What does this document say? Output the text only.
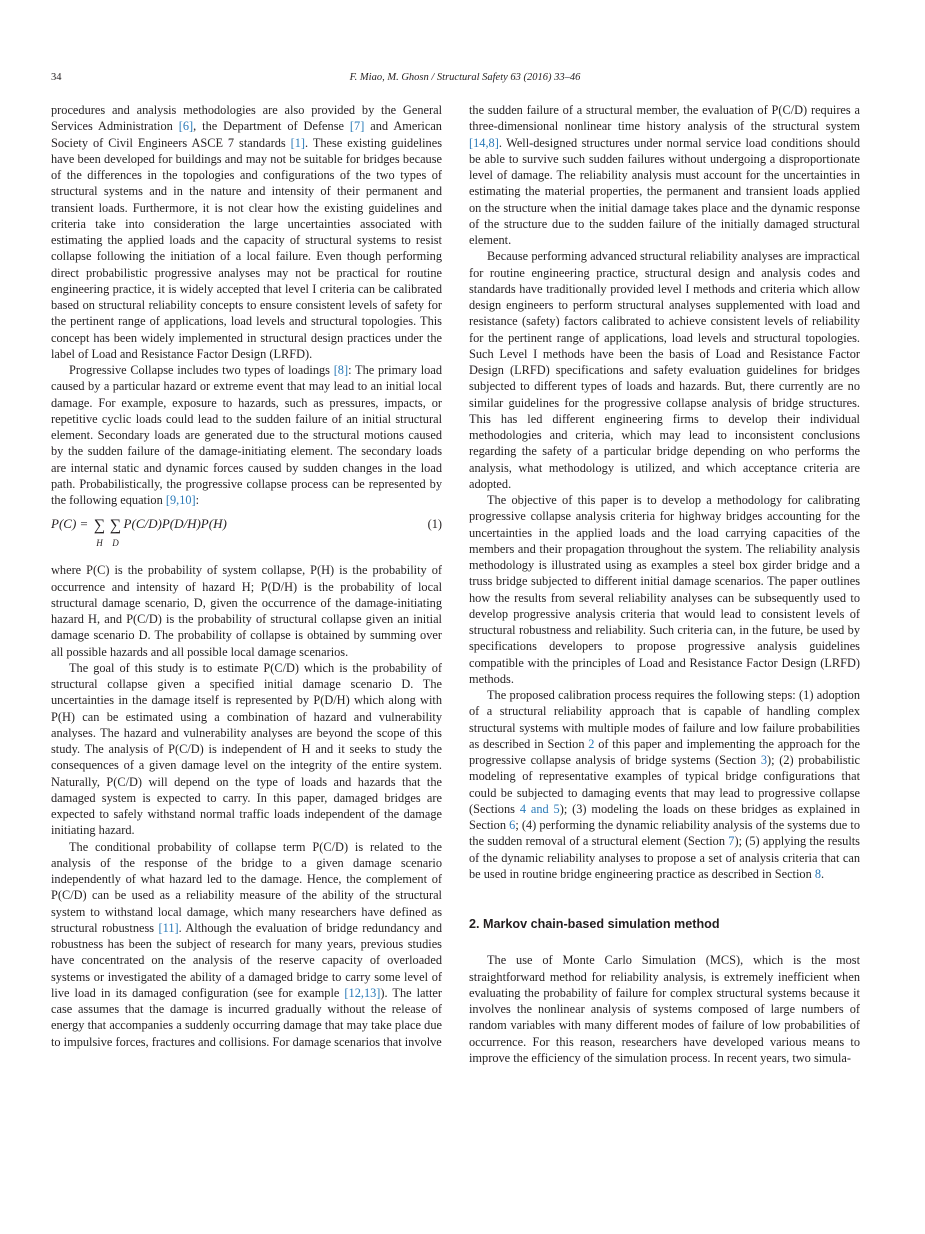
34	F. Miao, M. Ghosn / Structural Safety 63 (2016) 33–46

procedures and analysis methodologies are also provided by the General Services Administration [6], the Department of Defense [7] and American Society of Civil Engineers ASCE 7 standards [1]. These existing guidelines have been developed for buildings and may not be suitable for bridges because of the differences in the topologies and configurations of the two types of structural systems and in the nature and intensity of their permanent and transient loads. Furthermore, it is not clear how the existing guidelines and criteria take into consideration the large uncertainties associated with estimating the applied loads and the capacity of structural systems to resist collapse following the initiation of a local failure. Even though performing direct probabilistic progressive analyses may not be practical for routine engineering practice, it is widely accepted that level I criteria can be calibrated based on structural reliability concepts to ensure consistent levels of safety for the pertinent range of applications, load levels and structural topologies. This concept has been widely implemented in structural design practices under the label of Load and Resistance Factor Design (LRFD).

Progressive Collapse includes two types of loadings [8]: The primary load caused by a particular hazard or extreme event that may lead to an initial local damage. For example, exposure to hazards, such as pressures, impacts, or repetitive cyclic loads could lead to the sudden failure of an initial structural element. Secondary loads are generated due to the structural motions caused by the sudden failure of the damage-initiating element. The secondary loads are internal static and dynamic forces caused by sudden changes in the load path. Probabilistically, the progressive collapse process can be represented by the following equation [9,10]:

P(C) = ∑
H
∑
D
P(C/D)P(D/H)P(H)	(1)

where P(C) is the probability of system collapse, P(H) is the probability of occurrence and intensity of hazard H; P(D/H) is the probability of local structural damage scenario, D, given the occurrence of the damage-initiating hazard H, and P(C/D) is the probability of structural collapse given an initial damage scenario D. The probability of collapse is obtained by summing over all possible hazards and all possible local damage scenarios.

The goal of this study is to estimate P(C/D) which is the probability of structural collapse given a specified initial damage scenario D. The uncertainties in the damage itself is represented by P(D/H) which along with P(H) can be estimated using a combination of hazard and vulnerability analyses. The hazard and vulnerability analyses are beyond the scope of this study. The analysis of P(C/D) is independent of H and it seeks to study the consequences of a given damage level on the integrity of the entire system. Naturally, P(C/D) will depend on the type of loads and hazards that the damaged system is expected to carry. In this paper, damaged bridges are expected to safely withstand normal traffic loads independent of the damage initiating hazard.

The conditional probability of collapse term P(C/D) is related to the analysis of the response of the bridge to a given damage scenario independently of what hazard led to the damage. Hence, the complement of P(C/D) can be used as a reliability measure of the ability of the structural system to withstand local damage, which many researchers have defined as structural robustness [11]. Although the evaluation of bridge redundancy and robustness has been the subject of research for many years, previous studies have concentrated on the analysis of the reserve capacity of overloaded systems or investigated the ability of a damaged bridge to carry some level of live load in its damaged configuration (see for example [12,13]). The latter case assumes that the damage is incurred gradually without the release of energy that accompanies a suddenly occurring damage that may take place due to impulsive forces, fractures and collisions. For damage scenarios that involve

the sudden failure of a structural member, the evaluation of P(C/D) requires a three-dimensional nonlinear time history analysis of the structural system [14,8]. Well-designed structures under normal service load conditions should be able to survive such sudden failures without undergoing a disproportionate level of damage. The reliability analysis must account for the uncertainties in estimating the material properties, the permanent and transient loads applied on the structure when the initial damage takes place and the dynamic response of the structure due to the sudden failure of the initially damaged structural element.

Because performing advanced structural reliability analyses are impractical for routine engineering practice, structural design and analysis codes and standards have traditionally provided level I methods and criteria which allow design engineers to perform structural analyses supplemented with load and resistance (safety) factors calibrated to achieve consistent levels of reliability for the pertinent range of applications, load levels and structural topologies. Such Level I methods have been the basis of Load and Resistance Factor Design (LRFD) specifications and safety evaluation guidelines for bridges subjected to different types of loads and hazards. But, there currently are no similar guidelines for the progressive collapse analysis of bridge structures. This has led different engineering firms to develop their individual methodologies and criteria, which may lead to inconsistent conclusions regarding the safety of a particular bridge depending on who performs the analysis, what methodology is utilized, and which acceptance criteria are adopted.

The objective of this paper is to develop a methodology for calibrating progressive collapse analysis criteria for highway bridges accounting for the uncertainties in the applied loads and the load carrying capacities of the members and their propagation throughout the system. The reliability analysis methodology is illustrated using as examples a steel box girder bridge and a truss bridge subjected to different initial damage scenarios. The paper outlines how the results from several reliability analyses can be subsequently used to develop progressive analysis criteria that would lead to consistent levels of structural robustness and reliability. Such criteria can, in the future, be used by specifications developers to propose progressive analysis guidelines compatible with the principles of Load and Resistance Factor Design (LRFD) methods.

The proposed calibration process requires the following steps: (1) adoption of a structural reliability approach that is capable of handling complex structural systems with multiple modes of failure and low failure probabilities as described in Section 2 of this paper and implementing the approach for the progressive collapse analysis of bridge systems (Section 3); (2) probabilistic modeling of representative examples of typical bridge configurations that could be subjected to damaging events that may lead to progressive collapse (Sections 4 and 5); (3) modeling the loads on these bridges as explained in Section 6; (4) performing the dynamic reliability analysis of the systems due to the sudden removal of a structural element (Section 7); (5) applying the results of the dynamic reliability analyses to propose a set of analysis criteria that can be used in routine bridge engineering practice as described in Section 8.

2. Markov chain-based simulation method

The use of Monte Carlo Simulation (MCS), which is the most straightforward method for reliability analysis, is extremely inefficient when evaluating the probability of failure for complex structural systems because it involves the nonlinear analysis of systems composed of large numbers of random variables with many different modes of failure of low probabilities of occurrence. For this reason, researchers have developed various means to improve the efficiency of the simulation process. In recent years, two simula-
